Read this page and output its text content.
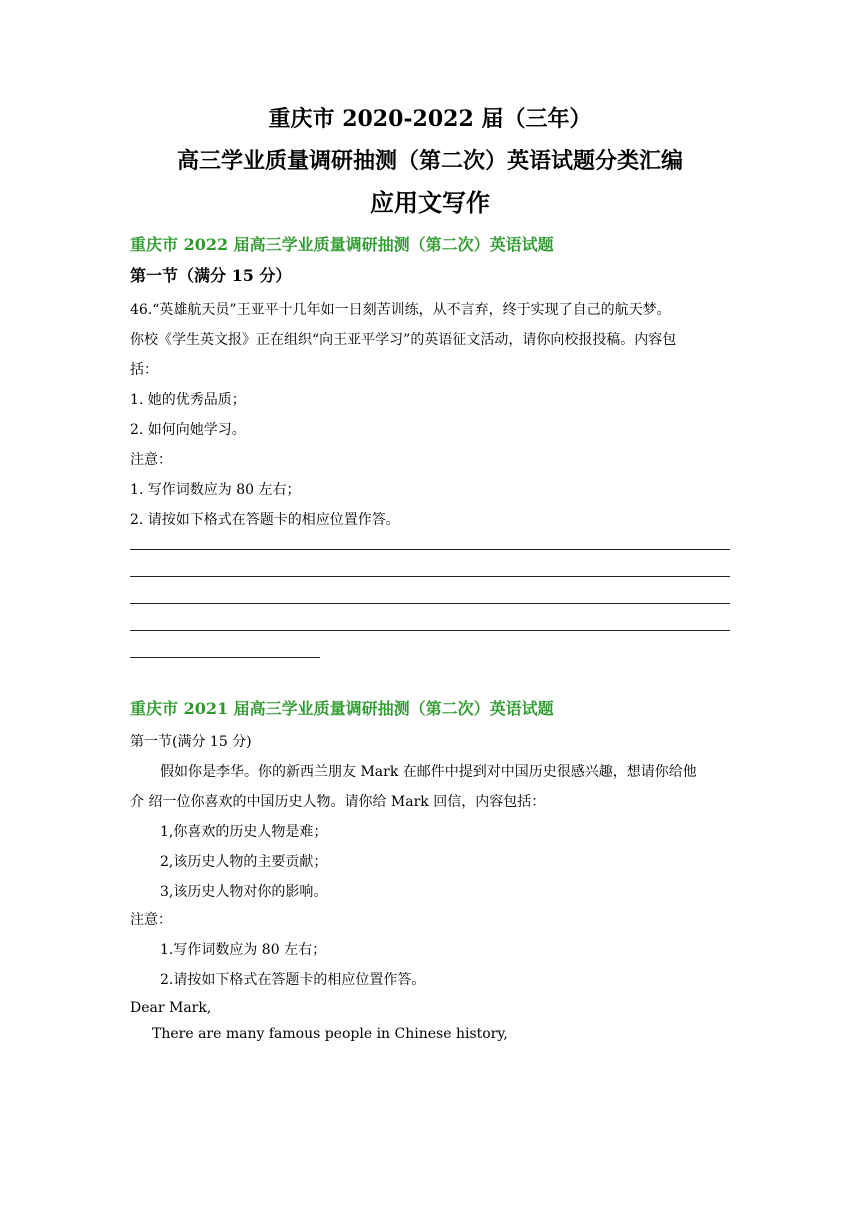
重庆市 2020-2022 届（三年）
高三学业质量调研抽测（第二次）英语试题分类汇编
应用文写作
重庆市 2022 届高三学业质量调研抽测（第二次）英语试题
第一节（满分 15 分）
46.“英雄航天员”王亚平十几年如一日刻苦训练，从不言弃，终于实现了自己的航天梦。
你校《学生英文报》正在组织“向王亚平学习”的英语征文活动，请你向校报投稿。内容包
括：
1. 她的优秀品质；
2. 如何向她学习。
注意：
1. 写作词数应为 80 左右；
2. 请按如下格式在答题卡的相应位置作答。
重庆市 2021 届高三学业质量调研抽测（第二次）英语试题
第一节(满分 15 分)
假如你是李华。你的新西兰朋友 Mark 在邮件中提到对中国历史很感兴趣，想请你给他
介 绍一位你喜欢的中国历史人物。请你给 Mark 回信，内容包括：
1,你喜欢的历史人物是难；
2,该历史人物的主要贡献；
3,该历史人物对你的影响。
注意：
1.写作词数应为 80 左右；
2.请按如下格式在答题卡的相应位置作答。
Dear Mark,
There are many famous people in Chinese history,
